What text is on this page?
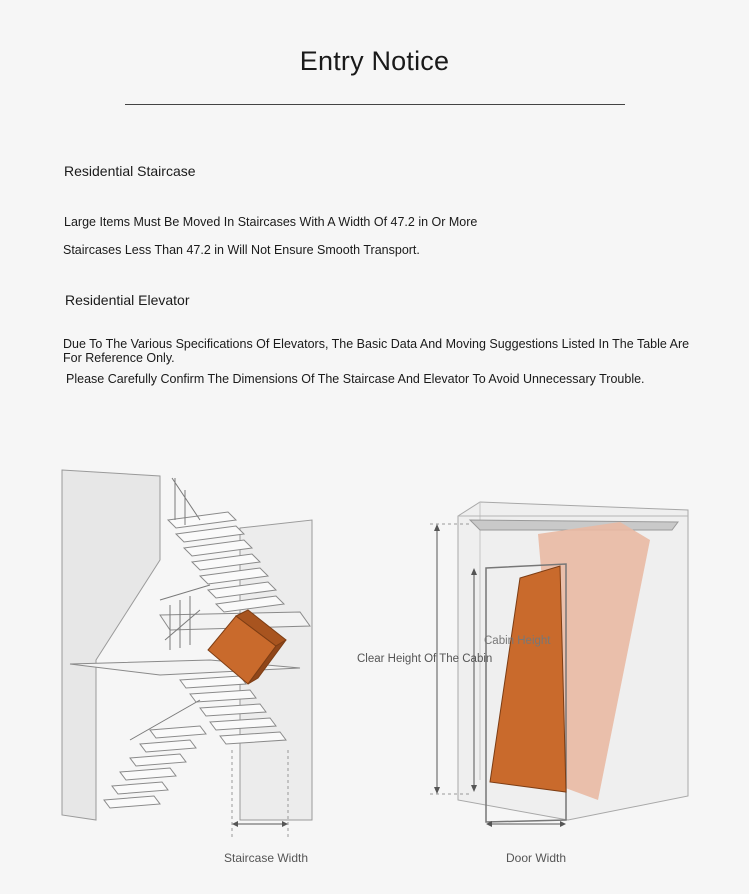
Entry Notice
Residential Staircase
Large Items Must Be Moved In Staircases With A Width Of 47.2 in Or More
Staircases Less Than 47.2 in Will Not Ensure Smooth Transport.
Residential Elevator
Due To The Various Specifications Of Elevators, The Basic Data And Moving Suggestions Listed In The Table Are For Reference Only.
Please Carefully Confirm The Dimensions Of The Staircase And Elevator To Avoid Unnecessary Trouble.
Cabin Height
Clear Height Of The Cabin
Staircase Width	Door Width
